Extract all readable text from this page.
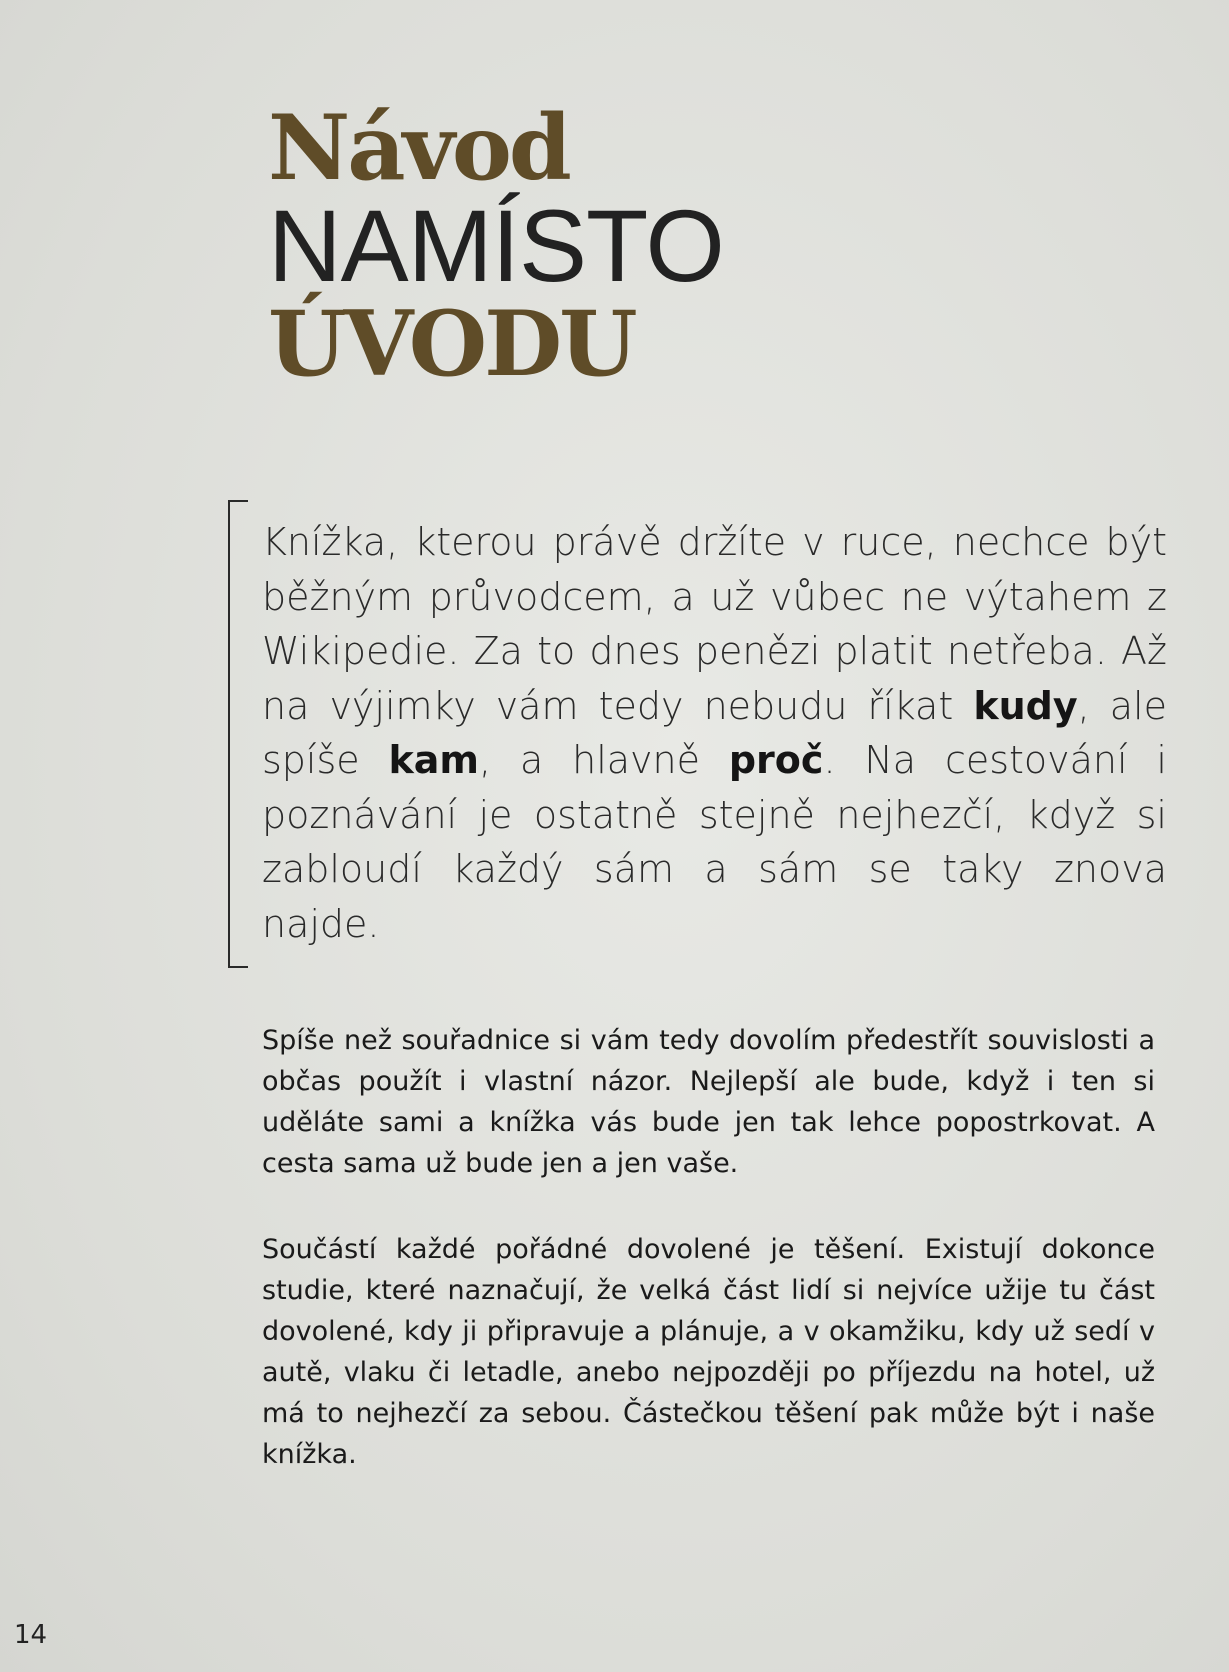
Návod
NAMÍSTO
ÚVODU

Knížka, kterou právě držíte v ruce, nechce být běžným průvodcem, a už vůbec ne výtahem z Wikipedie. Za to dnes penězi platit netřeba. Až na výjimky vám tedy nebudu říkat kudy, ale spíše kam, a hlavně proč. Na cestování i poznávání je ostatně stejně nejhezčí, když si zabloudí každý sám a sám se taky znova najde.

Spíše než souřadnice si vám tedy dovolím předestřít souvislosti a občas použít i vlastní názor. Nejlepší ale bude, když i ten si uděláte sami a knížka vás bude jen tak lehce popostrkovat. A cesta sama už bude jen a jen vaše.

Součástí každé pořádné dovolené je těšení. Existují dokonce studie, které naznačují, že velká část lidí si nejvíce užije tu část dovolené, kdy ji připravuje a plánuje, a v okamžiku, kdy už sedí v autě, vlaku či letadle, anebo nejpozději po příjezdu na hotel, už má to nejhezčí za sebou. Částečkou těšení pak může být i naše knížka.

14
